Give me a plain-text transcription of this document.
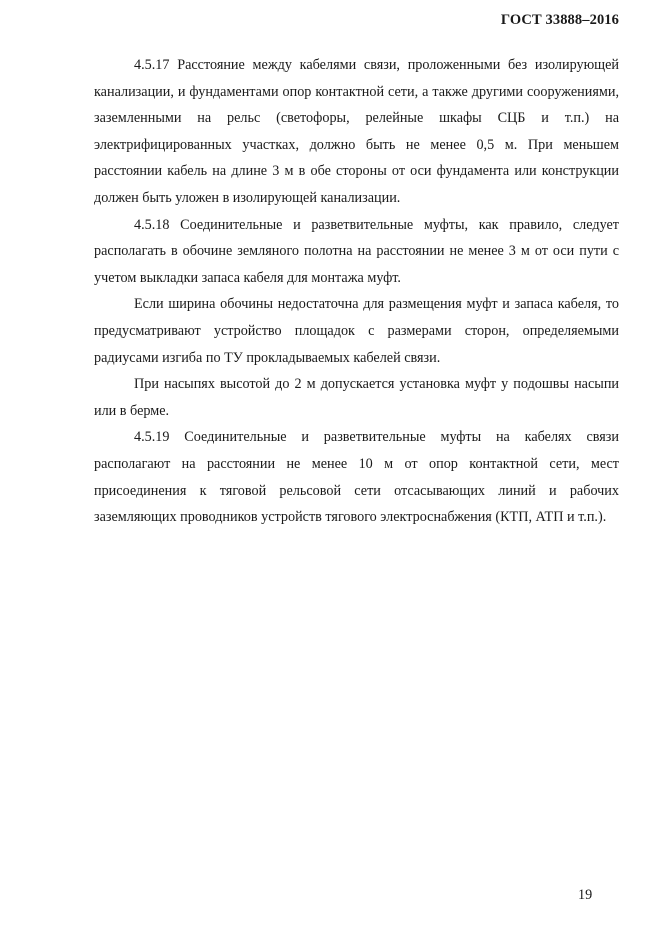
ГОСТ 33888–2016

4.5.17 Расстояние между кабелями связи, проложенными без изолирующей канализации, и фундаментами опор контактной сети, а также другими сооружениями, заземленными на рельс (светофоры, релейные шкафы СЦБ и т.п.) на электрифицированных участках, должно быть не менее 0,5 м. При меньшем расстоянии кабель на длине 3 м в обе стороны от оси фундамента или конструкции должен быть уложен в изолирующей канализации.

4.5.18 Соединительные и разветвительные муфты, как правило, следует располагать в обочине земляного полотна на расстоянии не менее 3 м от оси пути с учетом выкладки запаса кабеля для монтажа муфт.

Если ширина обочины недостаточна для размещения муфт и запаса кабеля, то предусматривают устройство площадок с размерами сторон, определяемыми радиусами изгиба по ТУ прокладываемых кабелей связи.

При насыпях высотой до 2 м допускается установка муфт у подошвы насыпи или в берме.

4.5.19 Соединительные и разветвительные муфты на кабелях связи располагают на расстоянии не менее 10 м от опор контактной сети, мест присоединения к тяговой рельсовой сети отсасывающих линий и рабочих заземляющих проводников устройств тягового электроснабжения (КТП, АТП и т.п.).

19
